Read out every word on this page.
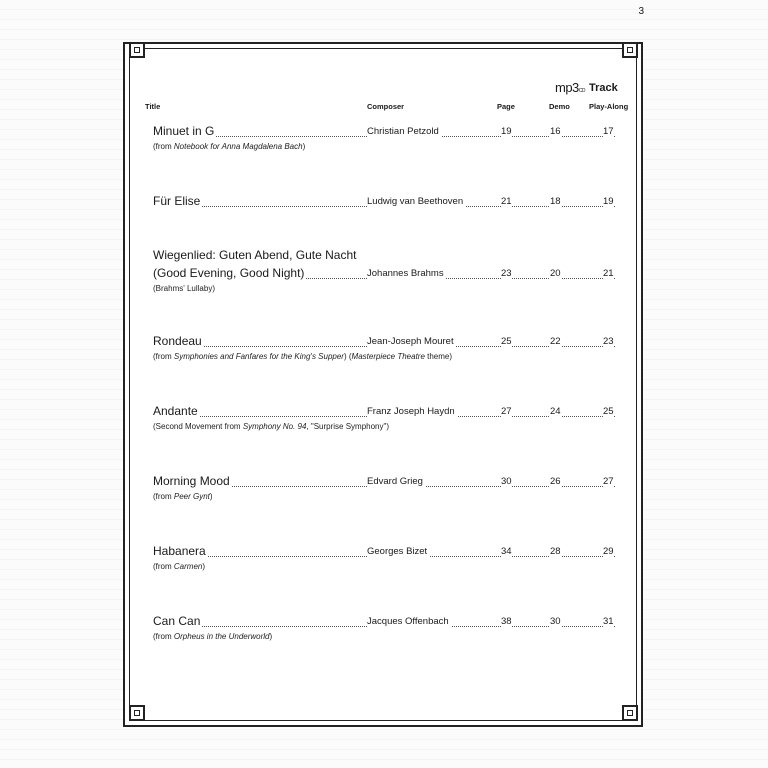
3
mp3CD Track
Title	Composer	Page	Demo	Play-Along
Minuet in G	Christian Petzold	19	16	17
(from Notebook for Anna Magdalena Bach)
Für Elise	Ludwig van Beethoven	21	18	19
Wiegenlied: Guten Abend, Gute Nacht
(Good Evening, Good Night)	Johannes Brahms	23	20	21
(Brahms' Lullaby)
Rondeau	Jean-Joseph Mouret	25	22	23
(from Symphonies and Fanfares for the King's Supper) (Masterpiece Theatre theme)
Andante	Franz Joseph Haydn	27	24	25
(Second Movement from Symphony No. 94, "Surprise Symphony")
Morning Mood	Edvard Grieg	30	26	27
(from Peer Gynt)
Habanera	Georges Bizet	34	28	29
(from Carmen)
Can Can	Jacques Offenbach	38	30	31
(from Orpheus in the Underworld)
